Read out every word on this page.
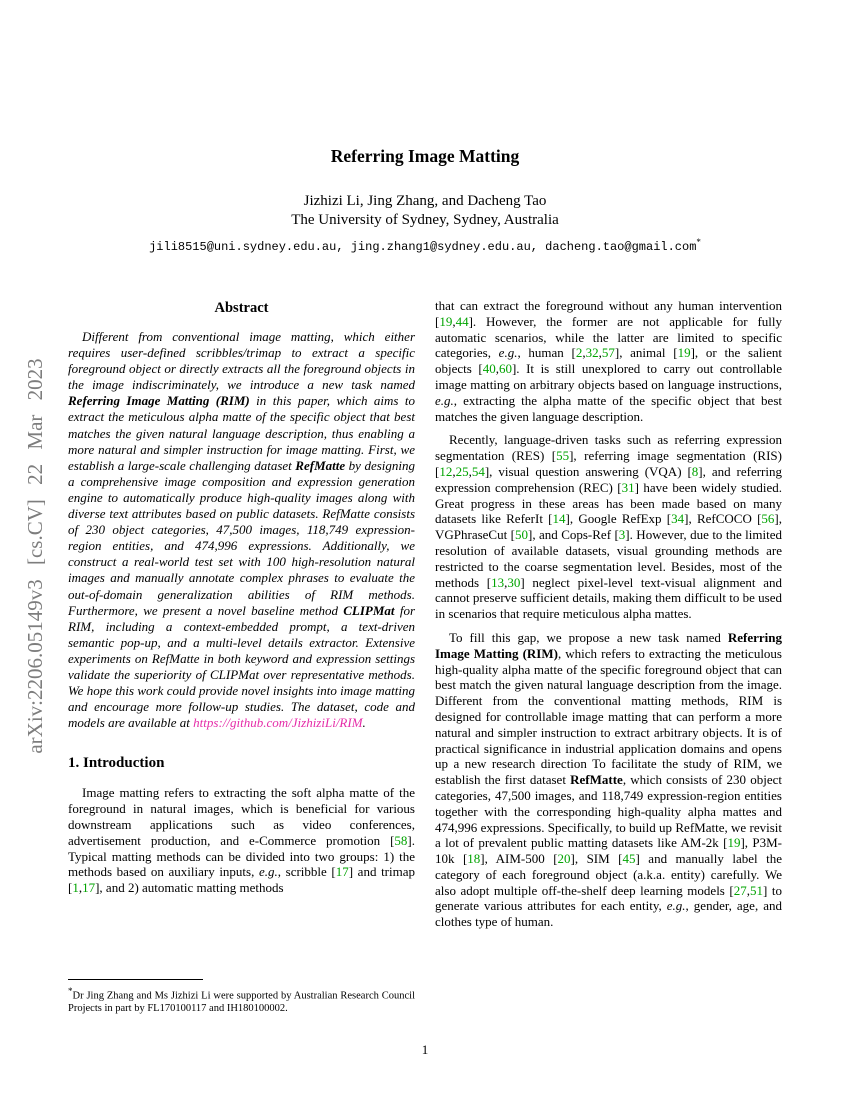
arXiv:2206.05149v3 [cs.CV] 22 Mar 2023
Referring Image Matting
Jizhizi Li, Jing Zhang, and Dacheng Tao
The University of Sydney, Sydney, Australia
jili8515@uni.sydney.edu.au, jing.zhang1@sydney.edu.au, dacheng.tao@gmail.com*
Abstract

Different from conventional image matting, which either requires user-defined scribbles/trimap to extract a specific foreground object or directly extracts all the foreground objects in the image indiscriminately, we introduce a new task named Referring Image Matting (RIM) in this paper, which aims to extract the meticulous alpha matte of the specific object that best matches the given natural language description, thus enabling a more natural and simpler instruction for image matting. First, we establish a large-scale challenging dataset RefMatte by designing a comprehensive image composition and expression generation engine to automatically produce high-quality images along with diverse text attributes based on public datasets. RefMatte consists of 230 object categories, 47,500 images, 118,749 expression-region entities, and 474,996 expressions. Additionally, we construct a real-world test set with 100 high-resolution natural images and manually annotate complex phrases to evaluate the out-of-domain generalization abilities of RIM methods. Furthermore, we present a novel baseline method CLIPMat for RIM, including a context-embedded prompt, a text-driven semantic pop-up, and a multi-level details extractor. Extensive experiments on RefMatte in both keyword and expression settings validate the superiority of CLIPMat over representative methods. We hope this work could provide novel insights into image matting and encourage more follow-up studies. The dataset, code and models are available at https://github.com/JizhiziLi/RIM.

1. Introduction

Image matting refers to extracting the soft alpha matte of the foreground in natural images, which is beneficial for various downstream applications such as video conferences, advertisement production, and e-Commerce promotion [58]. Typical matting methods can be divided into two groups: 1) the methods based on auxiliary inputs, e.g., scribble [17] and trimap [1,17], and 2) automatic matting methods

*Dr Jing Zhang and Ms Jizhizi Li were supported by Australian Research Council Projects in part by FL170100117 and IH180100002.

that can extract the foreground without any human intervention [19,44]. However, the former are not applicable for fully automatic scenarios, while the latter are limited to specific categories, e.g., human [2,32,57], animal [19], or the salient objects [40,60]. It is still unexplored to carry out controllable image matting on arbitrary objects based on language instructions, e.g., extracting the alpha matte of the specific object that best matches the given language description.

Recently, language-driven tasks such as referring expression segmentation (RES) [55], referring image segmentation (RIS) [12,25,54], visual question answering (VQA) [8], and referring expression comprehension (REC) [31] have been widely studied. Great progress in these areas has been made based on many datasets like ReferIt [14], Google RefExp [34], RefCOCO [56], VGPhraseCut [50], and Cops-Ref [3]. However, due to the limited resolution of available datasets, visual grounding methods are restricted to the coarse segmentation level. Besides, most of the methods [13,30] neglect pixel-level text-visual alignment and cannot preserve sufficient details, making them difficult to be used in scenarios that require meticulous alpha mattes.

To fill this gap, we propose a new task named Referring Image Matting (RIM), which refers to extracting the meticulous high-quality alpha matte of the specific foreground object that can best match the given natural language description from the image. Different from the conventional matting methods, RIM is designed for controllable image matting that can perform a more natural and simpler instruction to extract arbitrary objects. It is of practical significance in industrial application domains and opens up a new research direction To facilitate the study of RIM, we establish the first dataset RefMatte, which consists of 230 object categories, 47,500 images, and 118,749 expression-region entities together with the corresponding high-quality alpha mattes and 474,996 expressions. Specifically, to build up RefMatte, we revisit a lot of prevalent public matting datasets like AM-2k [19], P3M-10k [18], AIM-500 [20], SIM [45] and manually label the category of each foreground object (a.k.a. entity) carefully. We also adopt multiple off-the-shelf deep learning models [27,51] to generate various attributes for each entity, e.g., gender, age, and clothes type of human.

1
